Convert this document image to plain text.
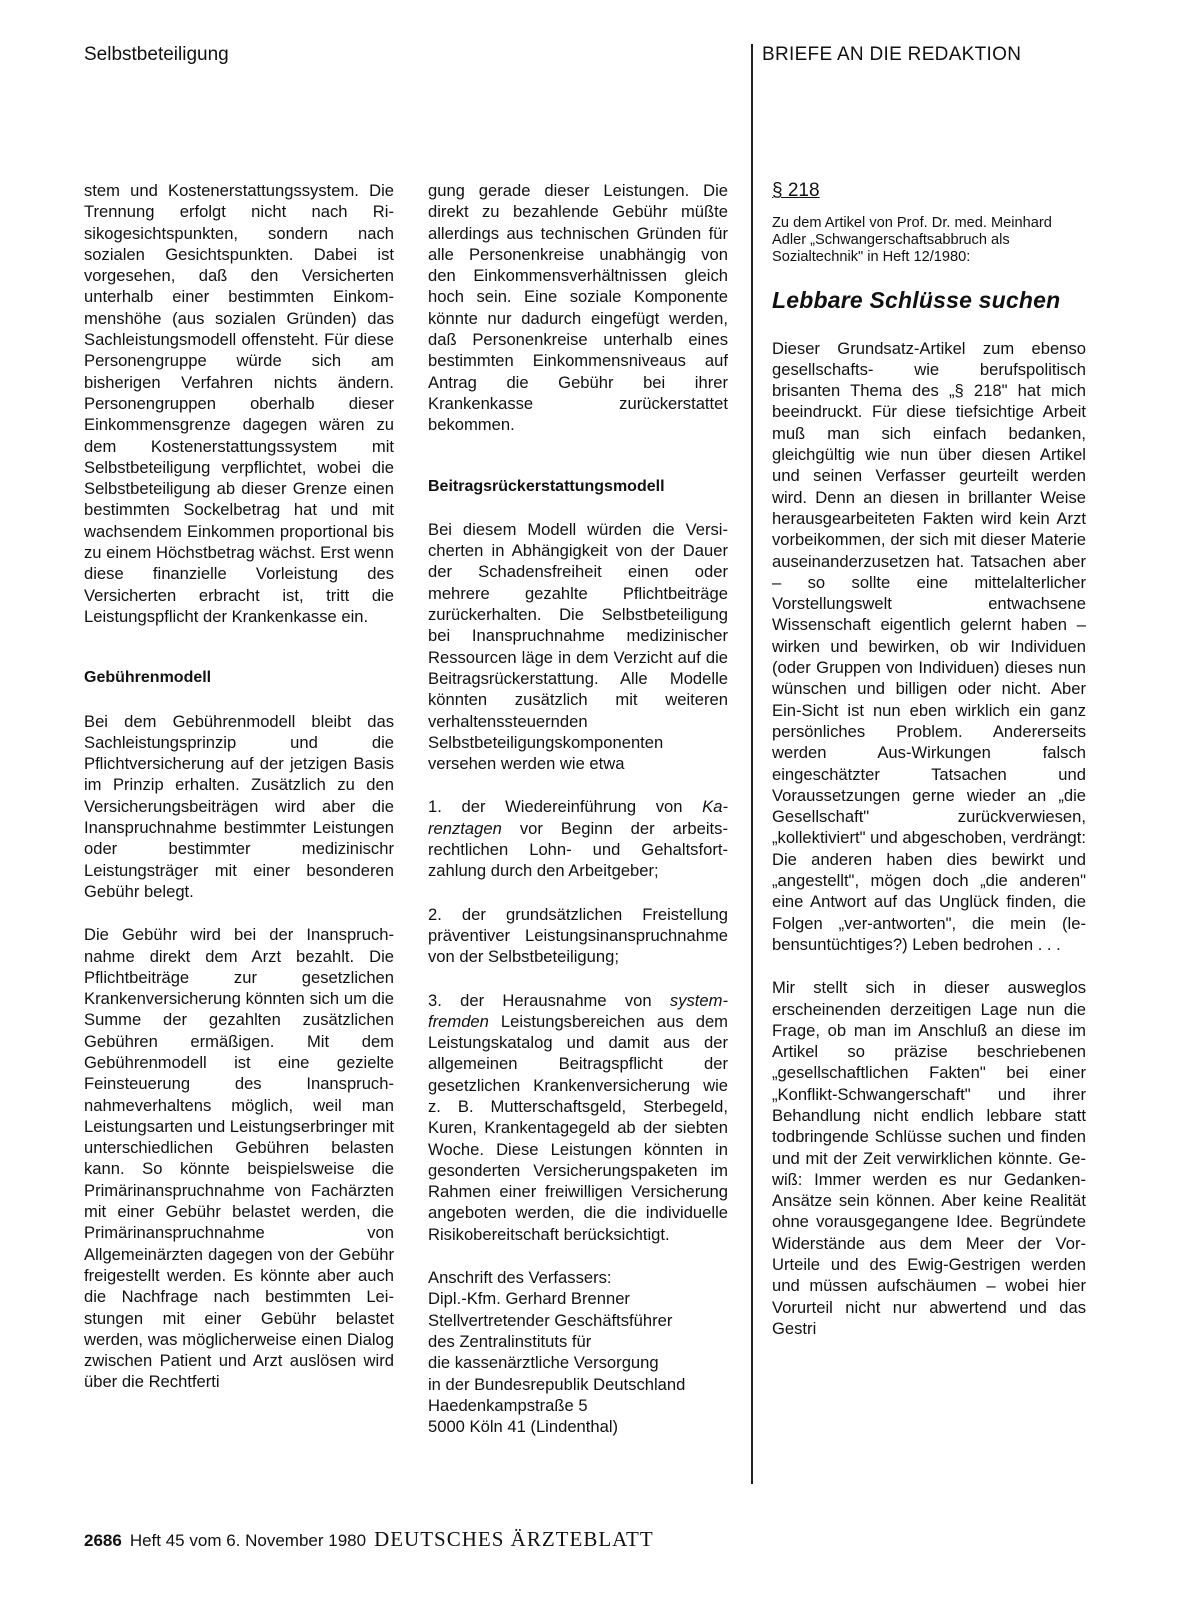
Selbstbeteiligung	BRIEFE AN DIE REDAKTION

stem und Kostenerstattungssystem. Die Trennung erfolgt nicht nach Risikogesichtspunkten, sondern nach sozialen Gesichtspunkten. Dabei ist vorgesehen, daß den Versicherten unterhalb einer bestimmten Einkommenshöhe (aus sozialen Gründen) das Sachleistungsmodell offensteht. Für diese Personengruppe würde sich am bisherigen Verfahren nichts ändern. Personengruppen oberhalb dieser Einkommensgrenze dagegen wären zu dem Kostenerstattungssystem mit Selbstbeteiligung verpflichtet, wobei die Selbstbeteiligung ab dieser Grenze einen bestimmten Sockelbetrag hat und mit wachsendem Einkommen proportional bis zu einem Höchstbetrag wächst. Erst wenn diese finanzielle Vorleistung des Versicherten erbracht ist, tritt die Leistungspflicht der Krankenkasse ein.

Gebührenmodell

Bei dem Gebührenmodell bleibt das Sachleistungsprinzip und die Pflichtversicherung auf der jetzigen Basis im Prinzip erhalten. Zusätzlich zu den Versicherungsbeiträgen wird aber die Inanspruchnahme bestimmter Leistungen oder bestimmter medizinischr Leistungsträger mit einer besonderen Gebühr belegt.

Die Gebühr wird bei der Inanspruchnahme direkt dem Arzt bezahlt. Die Pflichtbeiträge zur gesetzlichen Krankenversicherung könnten sich um die Summe der gezahlten zusätzlichen Gebühren ermäßigen. Mit dem Gebührenmodell ist eine gezielte Feinsteuerung des Inanspruchnahmeverhaltens möglich, weil man Leistungsarten und Leistungserbringer mit unterschiedlichen Gebühren belasten kann. So könnte beispielsweise die Primärinanspruchnahme von Fachärzten mit einer Gebühr belastet werden, die Primärinanspruchnahme von Allgemeinärzten dagegen von der Gebühr freigestellt werden. Es könnte aber auch die Nachfrage nach bestimmten Leistungen mit einer Gebühr belastet werden, was möglicherweise einen Dialog zwischen Patient und Arzt auslösen wird über die Rechtferti

gung gerade dieser Leistungen. Die direkt zu bezahlende Gebühr müßte allerdings aus technischen Gründen für alle Personenkreise unabhängig von den Einkommensverhältnissen gleich hoch sein. Eine soziale Komponente könnte nur dadurch eingefügt werden, daß Personenkreise unterhalb eines bestimmten Einkommensniveaus auf Antrag die Gebühr bei ihrer Krankenkasse zurückerstattet bekommen.

Beitragsrückerstattungsmodell

Bei diesem Modell würden die Versicherten in Abhängigkeit von der Dauer der Schadensfreiheit einen oder mehrere gezahlte Pflichtbeiträge zurückerhalten. Die Selbstbeteiligung bei Inanspruchnahme medizinischer Ressourcen läge in dem Verzicht auf die Beitragsrückerstattung. Alle Modelle könnten zusätzlich mit weiteren verhaltenssteuernden Selbstbeteiligungskomponenten versehen werden wie etwa

1. der Wiedereinführung von Karenztagen vor Beginn der arbeitsrechtlichen Lohn- und Gehaltsfortzahlung durch den Arbeitgeber;

2. der grundsätzlichen Freistellung präventiver Leistungsinanspruchnahme von der Selbstbeteiligung;

3. der Herausnahme von systemfremden Leistungsbereichen aus dem Leistungskatalog und damit aus der allgemeinen Beitragspflicht der gesetzlichen Krankenversicherung wie z. B. Mutterschaftsgeld, Sterbegeld, Kuren, Krankentagegeld ab der siebten Woche. Diese Leistungen könnten in gesonderten Versicherungspaketen im Rahmen einer freiwilligen Versicherung angeboten werden, die die individuelle Risikobereitschaft berücksichtigt.

Anschrift des Verfassers:
Dipl.-Kfm. Gerhard Brenner
Stellvertretender Geschäftsführer
des Zentralinstituts für
die kassenärztliche Versorgung
in der Bundesrepublik Deutschland
Haedenkampstraße 5
5000 Köln 41 (Lindenthal)
§ 218

Zu dem Artikel von Prof. Dr. med. Meinhard Adler „Schwangerschaftsabbruch als Sozialtechnik" in Heft 12/1980:

Lebbare Schlüsse suchen

Dieser Grundsatz-Artikel zum ebenso gesellschafts- wie berufspolitisch brisanten Thema des „§ 218" hat mich beeindruckt. Für diese tiefsichtige Arbeit muß man sich einfach bedanken, gleichgültig wie nun über diesen Artikel und seinen Verfasser geurteilt werden wird. Denn an diesen in brillanter Weise herausgearbeiteten Fakten wird kein Arzt vorbeikommen, der sich mit dieser Materie auseinanderzusetzen hat. Tatsachen aber – so sollte eine mittelalterlicher Vorstellungswelt entwachsene Wissenschaft eigentlich gelernt haben – wirken und bewirken, ob wir Individuen (oder Gruppen von Individuen) dieses nun wünschen und billigen oder nicht. Aber Ein-Sicht ist nun eben wirklich ein ganz persönliches Problem. Andererseits werden Aus-Wirkungen falsch eingeschätzter Tatsachen und Voraussetzungen gerne wieder an „die Gesellschaft" zurückverwiesen, „kollektiviert" und abgeschoben, verdrängt: Die anderen haben dies bewirkt und „angestellt", mögen doch „die anderen" eine Antwort auf das Unglück finden, die Folgen „ver-antworten", die mein (lebensuntüchtiges?) Leben bedrohen . . .

Mir stellt sich in dieser ausweglos erscheinenden derzeitigen Lage nun die Frage, ob man im Anschluß an diese im Artikel so präzise beschriebenen „gesellschaftlichen Fakten" bei einer „Konflikt-Schwangerschaft" und ihrer Behandlung nicht endlich lebbare statt todbringende Schlüsse suchen und finden und mit der Zeit verwirklichen könnte. Gewiß: Immer werden es nur Gedanken-Ansätze sein können. Aber keine Realität ohne vorausgegangene Idee. Begründete Widerstände aus dem Meer der Vor-Urteile und des Ewig-Gestrigen werden und müssen aufschäumen – wobei hier Vorurteil nicht nur abwertend und das Gestri

2686 Heft 45 vom 6. November 1980 DEUTSCHES ÄRZTEBLATT
